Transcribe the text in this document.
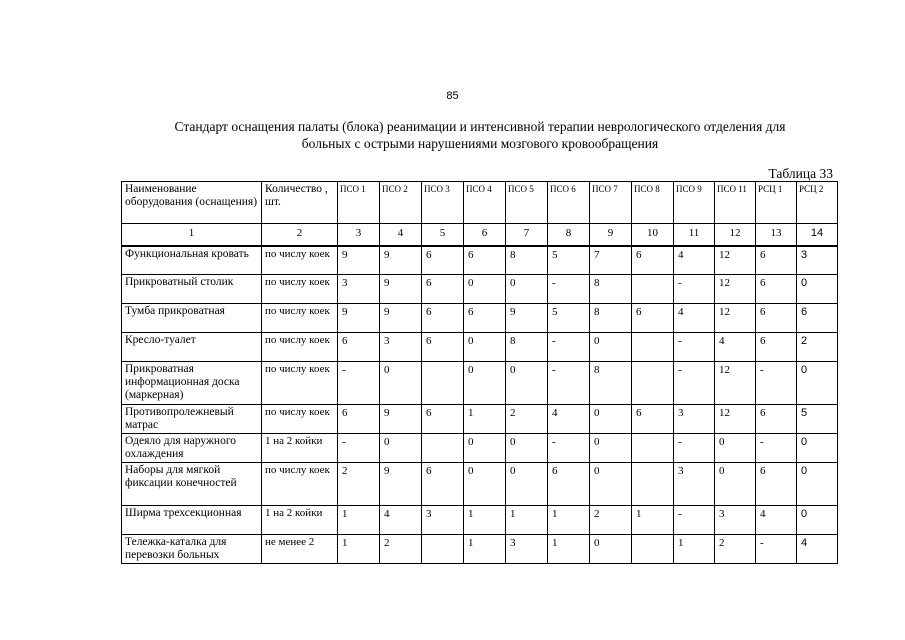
85
Стандарт оснащения палаты (блока) реанимации и интенсивной терапии неврологического отделения для
больных с острыми нарушениями мозгового кровообращения
Таблица 33
Наименование оборудования (оснащения)	Количество , шт.	ПСО 1	ПСО 2	ПСО 3	ПСО 4	ПСО 5	ПСО 6	ПСО 7	ПСО 8	ПСО 9	ПСО 11	РСЦ 1	РСЦ 2
1	2	3	4	5	6	7	8	9	10	11	12	13	14
Функциональная кровать	по числу коек	9	9	6	6	8	5	7	6	4	12	6	3
Прикроватный столик	по числу коек	3	9	6	0	0	-	8		-	12	6	0
Тумба прикроватная	по числу коек	9	9	6	6	9	5	8	6	4	12	6	6
Кресло-туалет	по числу коек	6	3	6	0	8	-	0		-	4	6	2
Прикроватная информационная доска (маркерная)	по числу коек	-	0		0	0	-	8		-	12	-	0
Противопролежневый матрас	по числу коек	6	9	6	1	2	4	0	6	3	12	6	5
Одеяло для наружного охлаждения	1 на 2 койки	-	0		0	0	-	0		-	0	-	0
Наборы для мягкой фиксации конечностей	по числу коек	2	9	6	0	0	6	0		3	0	6	0
Ширма трехсекционная	1 на 2 койки	1	4	3	1	1	1	2	1	-	3	4	0
Тележка-каталка для перевозки больных	не менее 2	1	2		1	3	1	0		1	2	-	4
